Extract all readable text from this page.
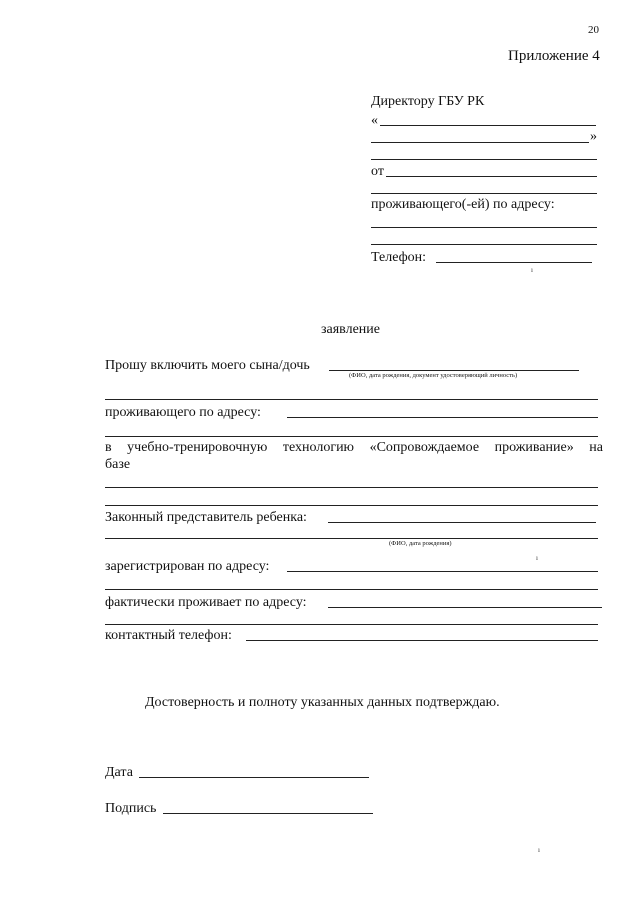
20
Приложение 4
Директору ГБУ РК
«
»
от
проживающего(-ей) по адресу:
Телефон:
ı
заявление
Прошу включить моего сына/дочь
(ФИО, дата рождения, документ удостоверяющий личность)
проживающего по адресу:
в учебно-тренировочную технологию «Сопровождаемое проживание» на
базе
Законный представитель ребенка:
(ФИО, дата рождения)
ı
зарегистрирован по адресу:
фактически проживает по адресу:
контактный телефон:
Достоверность и полноту указанных данных подтверждаю.
Дата
Подпись
ı
